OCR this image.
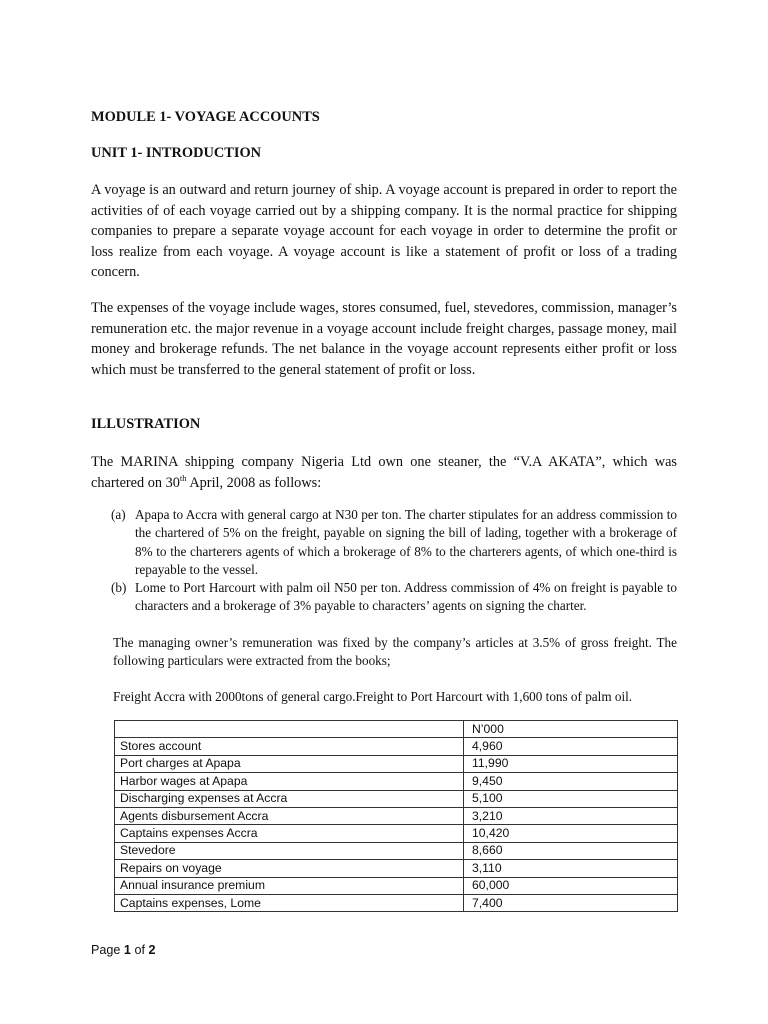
MODULE 1- VOYAGE ACCOUNTS
UNIT 1- INTRODUCTION

A voyage is an outward and return journey of ship. A voyage account is prepared in order to report the activities of of each voyage carried out by a shipping company. It is the normal practice for shipping companies to prepare a separate voyage account for each voyage in order to determine the profit or loss realize from each voyage. A voyage account is like a statement of profit or loss of a trading concern.

The expenses of the voyage include wages, stores consumed, fuel, stevedores, commission, manager’s remuneration etc. the major revenue in a voyage account include freight charges, passage money, mail money and brokerage refunds. The net balance in the voyage account represents either profit or loss which must be transferred to the general statement of profit or loss.

ILLUSTRATION

The MARINA shipping company Nigeria Ltd own one steaner, the “V.A AKATA”, which was chartered on 30th April, 2008 as follows:

(a) Apapa to Accra with general cargo at N30 per ton. The charter stipulates for an address commission to the chartered of 5% on the freight, payable on signing the bill of lading, together with a brokerage of 8% to the charterers agents of which a brokerage of 8% to the charterers agents, of which one-third is repayable to the vessel.
(b) Lome to Port Harcourt with palm oil N50 per ton. Address commission of 4% on freight is payable to characters and a brokerage of 3% payable to characters’ agents on signing the charter.

The managing owner’s remuneration was fixed by the company’s articles at 3.5% of gross freight. The following particulars were extracted from the books;

Freight Accra with 2000tons of general cargo.Freight to Port Harcourt with 1,600 tons of palm oil.

	N’000
Stores account	4,960
Port charges at Apapa	11,990
Harbor wages at Apapa	9,450
Discharging expenses at Accra	5,100
Agents disbursement Accra	3,210
Captains expenses Accra	10,420
Stevedore	8,660
Repairs on voyage	3,110
Annual insurance premium	60,000
Captains expenses, Lome	7,400

Page 1 of 2
